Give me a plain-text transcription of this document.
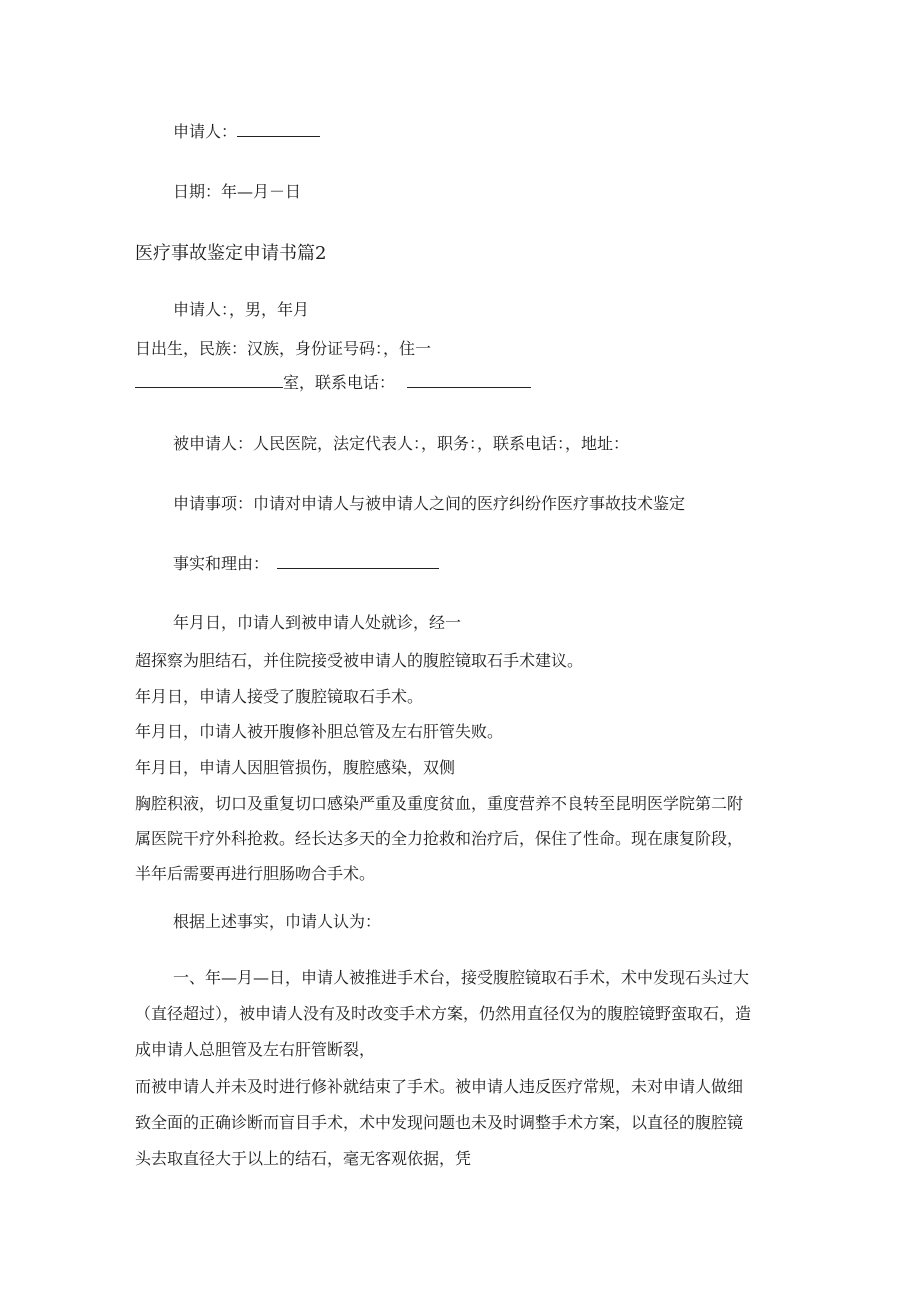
申请人：
日期：年—月－日
医疗事故鉴定申请书篇2
申请人：，男，年月
日出生，民族：汉族，身份证号码：，住一
室，联系电话：
被申请人：人民医院，法定代表人：，职务：，联系电话：，地址：
申请事项：巾请对申请人与被申请人之间的医疗纠纷作医疗事故技术鉴定
事实和理由：
年月日，巾请人到被申请人处就诊，经一
超探察为胆结石，并住院接受被申请人的腹腔镜取石手术建议。
年月日，申请人接受了腹腔镜取石手术。
年月日，巾请人被开腹修补胆总管及左右肝管失败。
年月日，申请人因胆管损伤，腹腔感染，双侧
胸腔积液，切口及重复切口感染严重及重度贫血，重度营养不良转至昆明医学院第二附
属医院干疗外科抢救。经长达多天的全力抢救和治疗后，保住了性命。现在康复阶段，
半年后需要再进行胆肠吻合手术。
根据上述事实，巾请人认为：
一、年—月—日，申请人被推进手术台，接受腹腔镜取石手术，术中发现石头过大
（直径超过），被申请人没有及时改变手术方案，仍然用直径仅为的腹腔镜野蛮取石，造
成申请人总胆管及左右肝管断裂，
而被申请人并未及时进行修补就结束了手术。被申请人违反医疗常规，未对申请人做细
致全面的正确诊断而盲目手术，术中发现问题也未及时调整手术方案，以直径的腹腔镜
头去取直径大于以上的结石，毫无客观依据，凭
